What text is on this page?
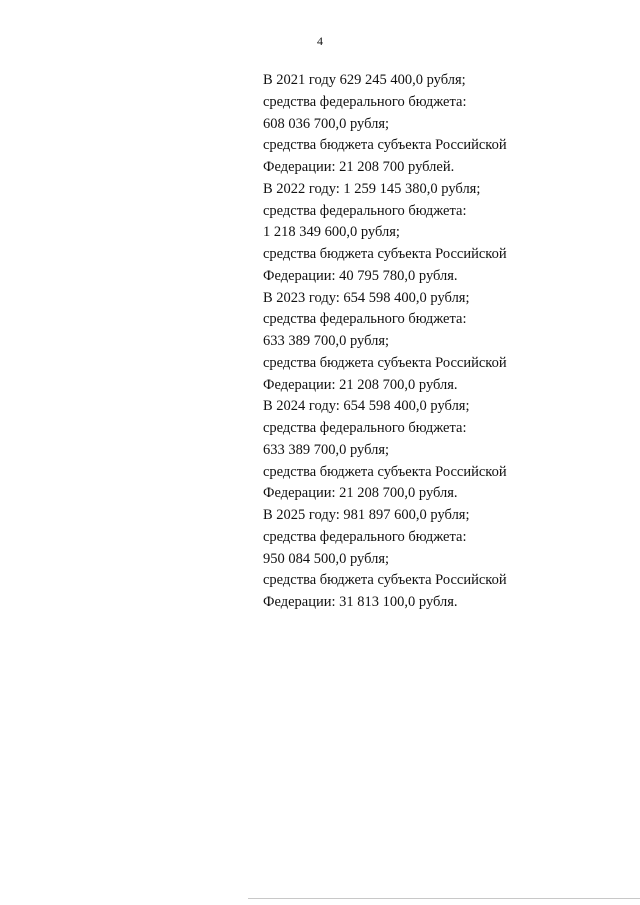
4
В 2021 году 629 245 400,0 рубля;
средства федерального бюджета:
608 036 700,0 рубля;
средства бюджета субъекта Российской
Федерации: 21 208 700 рублей.
В 2022 году: 1 259 145 380,0 рубля;
средства федерального бюджета:
1 218 349 600,0 рубля;
средства бюджета субъекта Российской
Федерации: 40 795 780,0 рубля.
В 2023 году: 654 598 400,0 рубля;
средства федерального бюджета:
633 389 700,0 рубля;
средства бюджета субъекта Российской
Федерации: 21 208 700,0 рубля.
В 2024 году: 654 598 400,0 рубля;
средства федерального бюджета:
633 389 700,0 рубля;
средства бюджета субъекта Российской
Федерации: 21 208 700,0 рубля.
В 2025 году: 981 897 600,0 рубля;
средства федерального бюджета:
950 084 500,0 рубля;
средства бюджета субъекта Российской
Федерации: 31 813 100,0 рубля.
